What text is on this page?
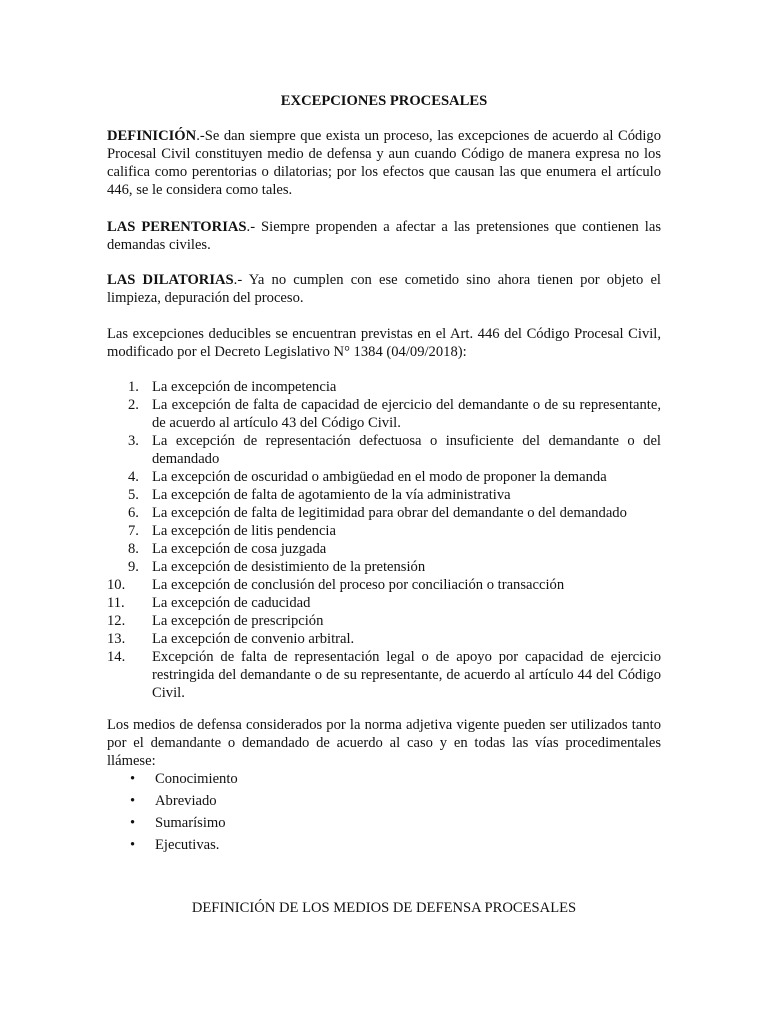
EXCEPCIONES PROCESALES

DEFINICIÓN.-Se dan siempre que exista un proceso, las excepciones de acuerdo al Código Procesal Civil constituyen medio de defensa y aun cuando Código de manera expresa no los califica como perentorias o dilatorias; por los efectos que causan las que enumera el artículo 446, se le considera como tales.

LAS PERENTORIAS.- Siempre propenden a afectar a las pretensiones que contienen las demandas civiles.

LAS DILATORIAS.- Ya no cumplen con ese cometido sino ahora tienen por objeto el limpieza, depuración del proceso.

Las excepciones deducibles se encuentran previstas en el Art. 446 del Código Procesal Civil, modificado por el Decreto Legislativo N° 1384 (04/09/2018):

1. La excepción de incompetencia
2. La excepción de falta de capacidad de ejercicio del demandante o de su representante, de acuerdo al artículo 43 del Código Civil.
3. La excepción de representación defectuosa o insuficiente del demandante o del demandado
4. La excepción de oscuridad o ambigüedad en el modo de proponer la demanda
5. La excepción de falta de agotamiento de la vía administrativa
6. La excepción de falta de legitimidad para obrar del demandante o del demandado
7. La excepción de litis pendencia
8. La excepción de cosa juzgada
9. La excepción de desistimiento de la pretensión
10.	La excepción de conclusión del proceso por conciliación o transacción
11.	La excepción de caducidad
12.	La excepción de prescripción
13.	La excepción de convenio arbitral.
14.	Excepción de falta de representación legal o de apoyo por capacidad de ejercicio restringida del demandante o de su representante, de acuerdo al artículo 44 del Código Civil.

Los medios de defensa considerados por la norma adjetiva vigente pueden ser utilizados tanto por el demandante o demandado de acuerdo al caso y en todas las vías procedimentales llámese:

• Conocimiento
• Abreviado
• Sumarísimo
• Ejecutivas.
DEFINICIÓN DE LOS MEDIOS DE DEFENSA PROCESALES
